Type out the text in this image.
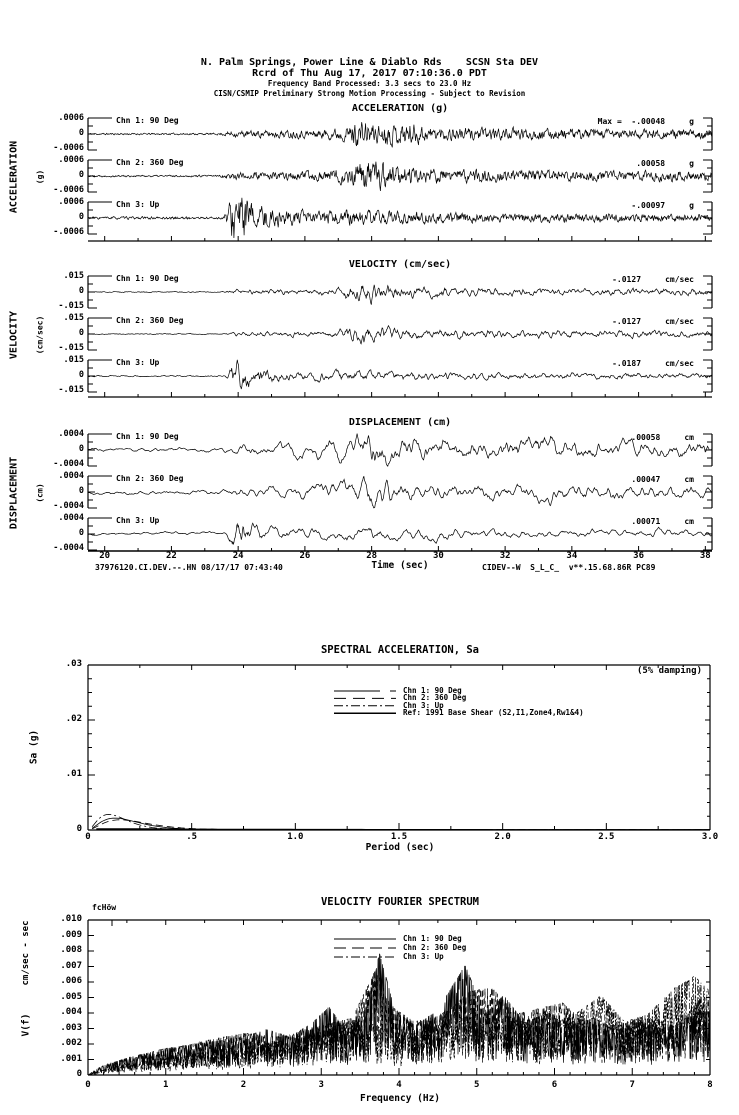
N. Palm Springs, Power Line & Diablo Rds    SCSN Sta DEV
Rcrd of Thu Aug 17, 2017 07:10:36.0 PDT
Frequency Band Processed: 3.3 secs to 23.0 Hz
CISN/CSMIP Preliminary Strong Motion Processing - Subject to Revision
ACCELERATION (g)
VELOCITY (cm/sec)
DISPLACEMENT (cm)
ACCELERATION (g)
VELOCITY (cm/sec)
DISPLACEMENT (cm)
Time (sec)
37976120.CI.DEV.--.HN 08/17/17 07:43:40	CIDEV--W  S_L_C_  v**.15.68.86R PC89
SPECTRAL ACCELERATION, Sa
(5% damping)
Sa (g)
Period (sec)
VELOCITY FOURIER SPECTRUM
fcHöw
cm/sec - sec
V(f)
Frequency (Hz)
Chn 1: 90 Deg
.0006
0
-.0006
Max =  -.00048     g
Chn 2: 360 Deg
.0006
0
-.0006
.00058     g
Chn 3: Up
.0006
0
-.0006
-.00097     g
Chn 1: 90 Deg
.015
0
-.015
-.0127     cm/sec
Chn 2: 360 Deg
.015
0
-.015
-.0127     cm/sec
Chn 3: Up
.015
0
-.015
-.0187     cm/sec
Chn 1: 90 Deg
.0004
0
-.0004
.00058     cm
Chn 2: 360 Deg
.0004
0
-.0004
.00047     cm
Chn 3: Up
.0004
0
-.0004
.00071     cm
20	22	24	26	28	30	32	34	36	38
.03
.02
.01
0
0	.5	1.0	1.5	2.0	2.5	3.0
Chn 1: 90 Deg
Chn 2: 360 Deg
Chn 3: Up
Ref: 1991 Base Shear (S2,I1,Zone4,Rw1&4)
.010
.009
.008
.007
.006
.005
.004
.003
.002
.001
0
0	1	2	3	4	5	6	7	8
Chn 1: 90 Deg
Chn 2: 360 Deg
Chn 3: Up
